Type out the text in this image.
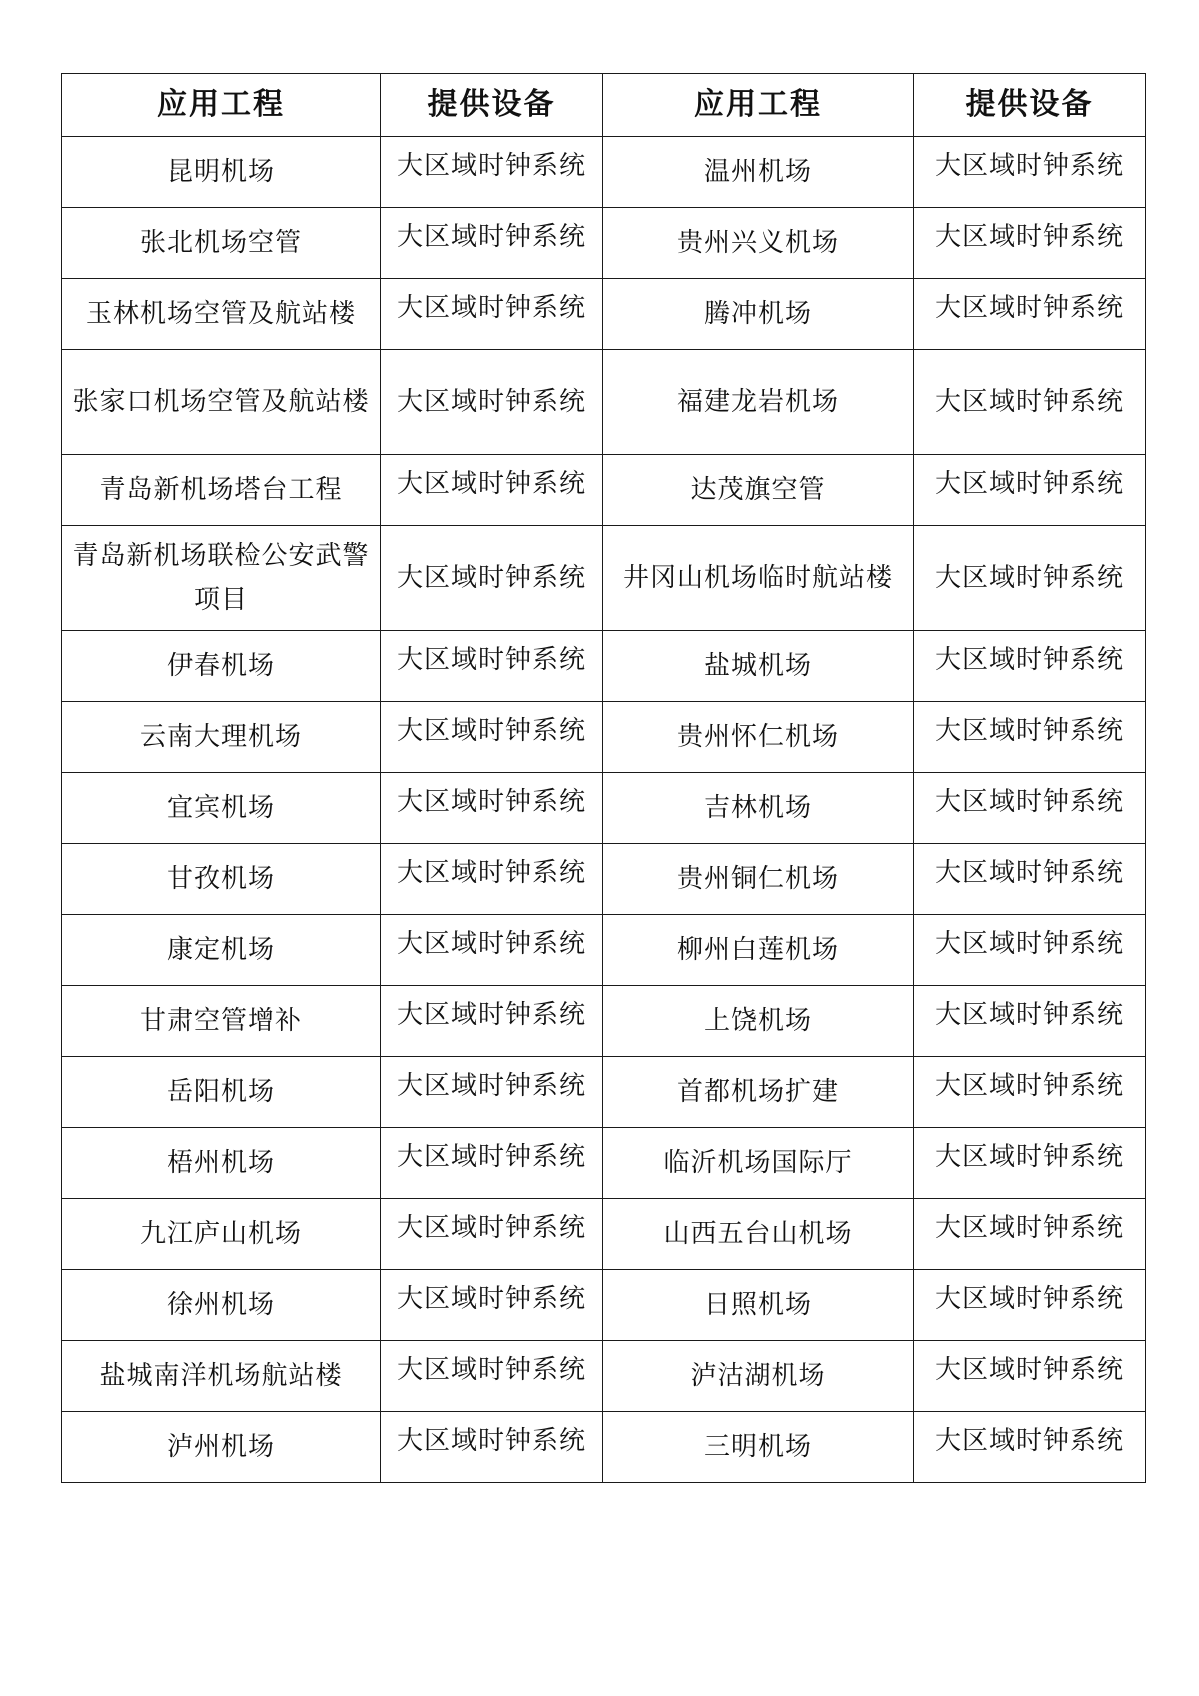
应用工程	提供设备	应用工程	提供设备
昆明机场	大区域时钟系统	温州机场	大区域时钟系统
张北机场空管	大区域时钟系统	贵州兴义机场	大区域时钟系统
玉林机场空管及航站楼	大区域时钟系统	腾冲机场	大区域时钟系统
张家口机场空管及航站楼	大区域时钟系统	福建龙岩机场	大区域时钟系统
青岛新机场塔台工程	大区域时钟系统	达茂旗空管	大区域时钟系统
青岛新机场联检公安武警项目	大区域时钟系统	井冈山机场临时航站楼	大区域时钟系统
伊春机场	大区域时钟系统	盐城机场	大区域时钟系统
云南大理机场	大区域时钟系统	贵州怀仁机场	大区域时钟系统
宜宾机场	大区域时钟系统	吉林机场	大区域时钟系统
甘孜机场	大区域时钟系统	贵州铜仁机场	大区域时钟系统
康定机场	大区域时钟系统	柳州白莲机场	大区域时钟系统
甘肃空管增补	大区域时钟系统	上饶机场	大区域时钟系统
岳阳机场	大区域时钟系统	首都机场扩建	大区域时钟系统
梧州机场	大区域时钟系统	临沂机场国际厅	大区域时钟系统
九江庐山机场	大区域时钟系统	山西五台山机场	大区域时钟系统
徐州机场	大区域时钟系统	日照机场	大区域时钟系统
盐城南洋机场航站楼	大区域时钟系统	泸沽湖机场	大区域时钟系统
泸州机场	大区域时钟系统	三明机场	大区域时钟系统
